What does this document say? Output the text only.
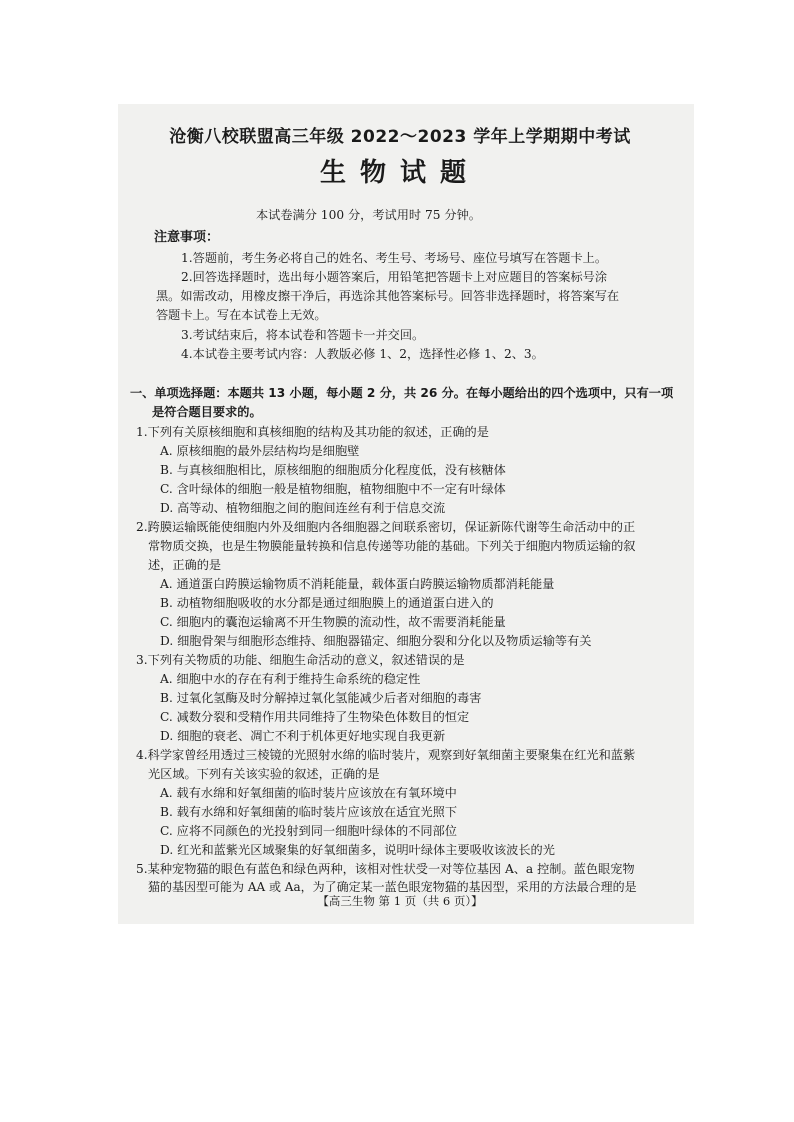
沧衡八校联盟高三年级 2022～2023 学年上学期期中考试
生物试题
本试卷满分 100 分，考试用时 75 分钟。
注意事项：
1.答题前，考生务必将自己的姓名、考生号、考场号、座位号填写在答题卡上。
2.回答选择题时，选出每小题答案后，用铅笔把答题卡上对应题目的答案标号涂
黑。如需改动，用橡皮擦干净后，再选涂其他答案标号。回答非选择题时，将答案写在
答题卡上。写在本试卷上无效。
3.考试结束后，将本试卷和答题卡一并交回。
4.本试卷主要考试内容：人教版必修 1、2，选择性必修 1、2、3。
一、单项选择题：本题共 13 小题，每小题 2 分，共 26 分。在每小题给出的四个选项中，只有一项
是符合题目要求的。
1.下列有关原核细胞和真核细胞的结构及其功能的叙述，正确的是
A. 原核细胞的最外层结构均是细胞壁
B. 与真核细胞相比，原核细胞的细胞质分化程度低，没有核糖体
C. 含叶绿体的细胞一般是植物细胞，植物细胞中不一定有叶绿体
D. 高等动、植物细胞之间的胞间连丝有利于信息交流
2.跨膜运输既能使细胞内外及细胞内各细胞器之间联系密切，保证新陈代谢等生命活动中的正
常物质交换，也是生物膜能量转换和信息传递等功能的基础。下列关于细胞内物质运输的叙
述，正确的是
A. 通道蛋白跨膜运输物质不消耗能量，载体蛋白跨膜运输物质都消耗能量
B. 动植物细胞吸收的水分都是通过细胞膜上的通道蛋白进入的
C. 细胞内的囊泡运输离不开生物膜的流动性，故不需要消耗能量
D. 细胞骨架与细胞形态维持、细胞器锚定、细胞分裂和分化以及物质运输等有关
3.下列有关物质的功能、细胞生命活动的意义，叙述错误的是
A. 细胞中水的存在有利于维持生命系统的稳定性
B. 过氧化氢酶及时分解掉过氧化氢能减少后者对细胞的毒害
C. 减数分裂和受精作用共同维持了生物染色体数目的恒定
D. 细胞的衰老、凋亡不利于机体更好地实现自我更新
4.科学家曾经用透过三棱镜的光照射水绵的临时装片，观察到好氧细菌主要聚集在红光和蓝紫
光区域。下列有关该实验的叙述，正确的是
A. 载有水绵和好氧细菌的临时装片应该放在有氧环境中
B. 载有水绵和好氧细菌的临时装片应该放在适宜光照下
C. 应将不同颜色的光投射到同一细胞叶绿体的不同部位
D. 红光和蓝紫光区域聚集的好氧细菌多，说明叶绿体主要吸收该波长的光
5.某种宠物猫的眼色有蓝色和绿色两种，该相对性状受一对等位基因 A、a 控制。蓝色眼宠物
猫的基因型可能为 AA 或 Aa，为了确定某一蓝色眼宠物猫的基因型，采用的方法最合理的是
【高三生物 第 1 页（共 6 页）】
